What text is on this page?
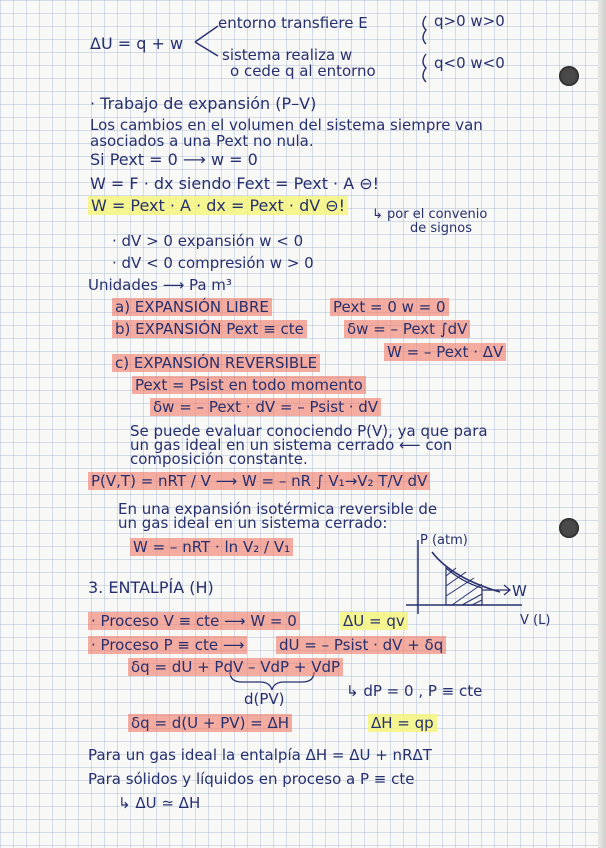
entorno transfiere E	q>0 w>0
ΔU = q + w
sistema realiza w	q<0 w<0
o cede q al entorno
· Trabajo de expansión (P–V)
Los cambios en el volumen del sistema siempre van
asociados a una Pext no nula.
Si Pext = 0 ⟶ w = 0
W = F · dx siendo Fext = Pext · A ⊖!
W = Pext · A · dx = Pext · dV ⊖! ↳ por el convenio
de signos
· dV > 0 expansión w < 0
· dV < 0 compresión w > 0
Unidades ⟶ Pa m³
a) EXPANSIÓN LIBRE	Pext = 0 w = 0
b) EXPANSIÓN Pext ≡ cte	δw = – Pext ∫dV
W = – Pext · ΔV
c) EXPANSIÓN REVERSIBLE
Pext = Psist en todo momento
δw = – Pext · dV = – Psist · dV
Se puede evaluar conociendo P(V), ya que para
un gas ideal en un sistema cerrado ⟵ con
composición constante.
P(V,T) = nRT / V ⟶ W = – nR ∫ V₁→V₂ T/V dV
En una expansión isotérmica reversible de
un gas ideal en un sistema cerrado:
W = – nRT · ln V₂ / V₁	P (atm)
W
V (L)
3. ENTALPÍA (H)
· Proceso V ≡ cte ⟶ W = 0	ΔU = qv
· Proceso P ≡ cte ⟶ dU = – Psist · dV + δq
δq = dU + PdV – VdP + VdP
d(PV)	↳ dP = 0 , P ≡ cte
δq = d(U + PV) = ΔH	ΔH = qp
Para un gas ideal la entalpía ΔH = ΔU + nRΔT
Para sólidos y líquidos en proceso a P ≡ cte
↳ ΔU ≃ ΔH
